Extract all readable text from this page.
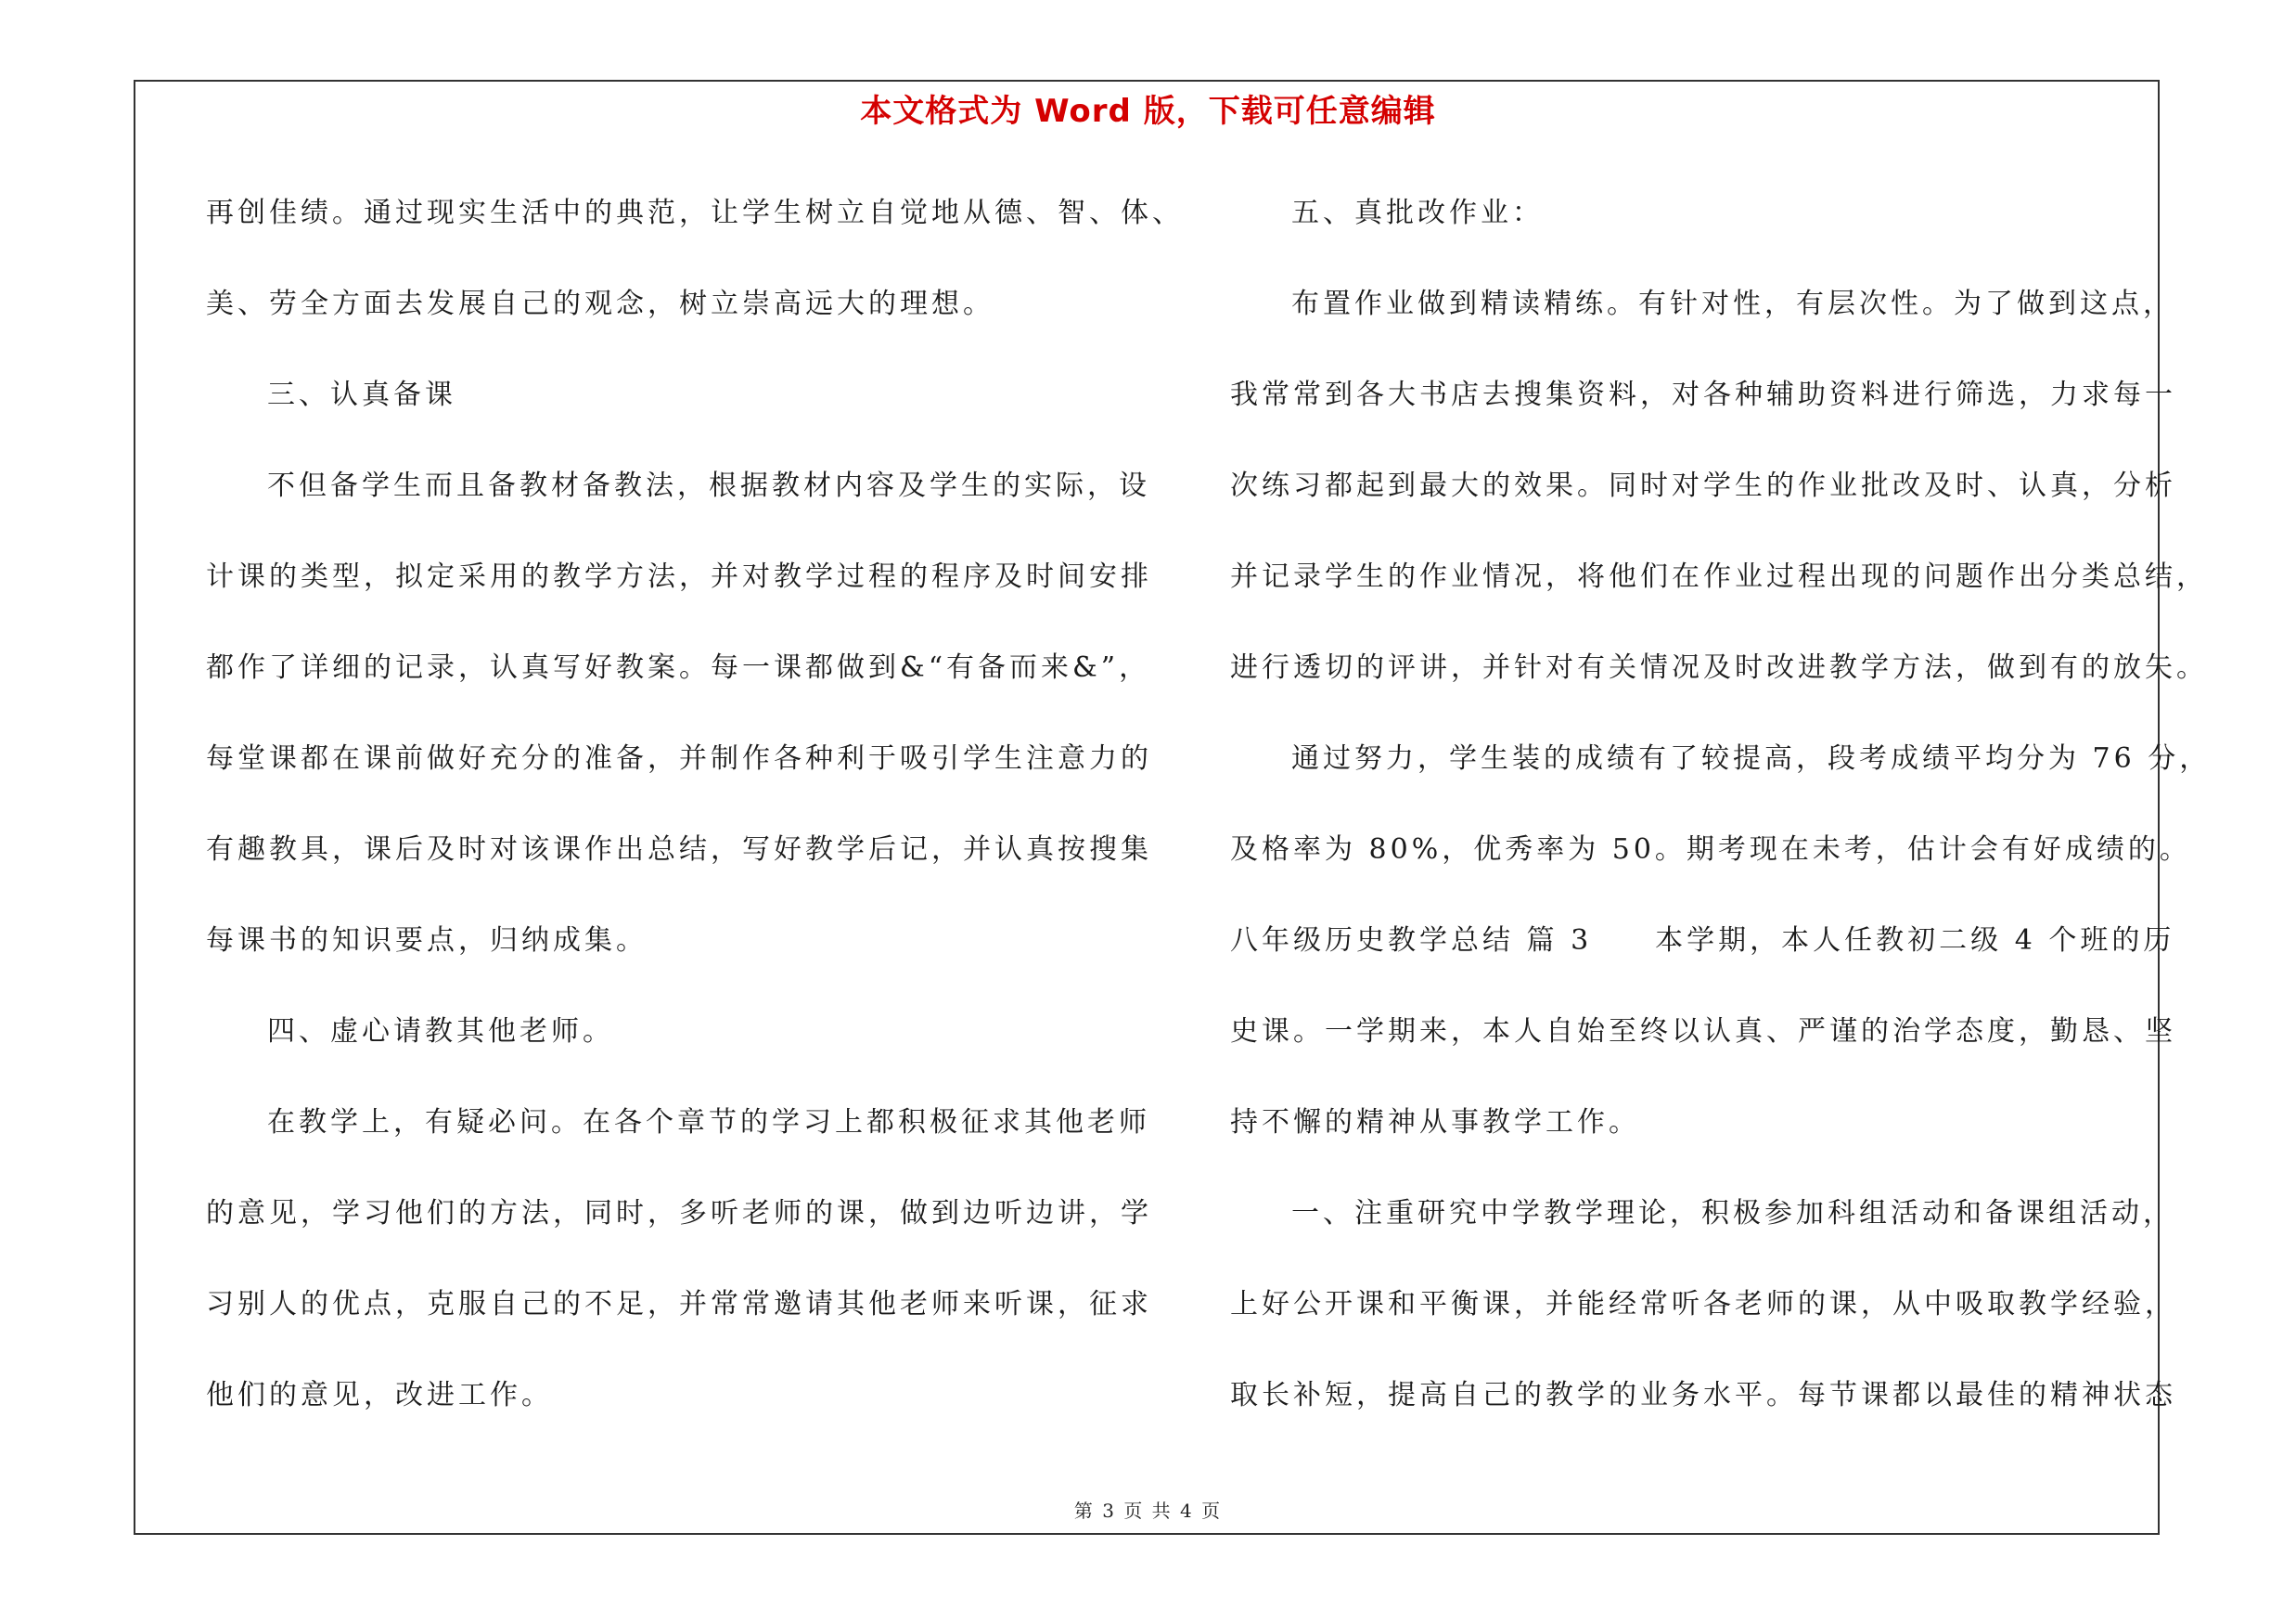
本文格式为 Word 版，下载可任意编辑
再创佳绩。通过现实生活中的典范，让学生树立自觉地从德、智、体、
美、劳全方面去发展自己的观念，树立崇高远大的理想。
三、认真备课
不但备学生而且备教材备教法，根据教材内容及学生的实际，设
计课的类型，拟定采用的教学方法，并对教学过程的程序及时间安排
都作了详细的记录，认真写好教案。每一课都做到&“有备而来&”，
每堂课都在课前做好充分的准备，并制作各种利于吸引学生注意力的
有趣教具，课后及时对该课作出总结，写好教学后记，并认真按搜集
每课书的知识要点，归纳成集。
四、虚心请教其他老师。
在教学上，有疑必问。在各个章节的学习上都积极征求其他老师
的意见，学习他们的方法，同时，多听老师的课，做到边听边讲，学
习别人的优点，克服自己的不足，并常常邀请其他老师来听课，征求
他们的意见，改进工作。
五、真批改作业：
布置作业做到精读精练。有针对性，有层次性。为了做到这点，
我常常到各大书店去搜集资料，对各种辅助资料进行筛选，力求每一
次练习都起到最大的效果。同时对学生的作业批改及时、认真，分析
并记录学生的作业情况，将他们在作业过程出现的问题作出分类总结，
进行透切的评讲，并针对有关情况及时改进教学方法，做到有的放矢。
通过努力，学生装的成绩有了较提高，段考成绩平均分为 76 分，
及格率为 80%，优秀率为 50。期考现在未考，估计会有好成绩的。
八年级历史教学总结 篇 3　　本学期，本人任教初二级 4 个班的历
史课。一学期来，本人自始至终以认真、严谨的治学态度，勤恳、坚
持不懈的精神从事教学工作。
一、注重研究中学教学理论，积极参加科组活动和备课组活动，
上好公开课和平衡课，并能经常听各老师的课，从中吸取教学经验，
取长补短，提高自己的教学的业务水平。每节课都以最佳的精神状态
第 3 页 共 4 页
